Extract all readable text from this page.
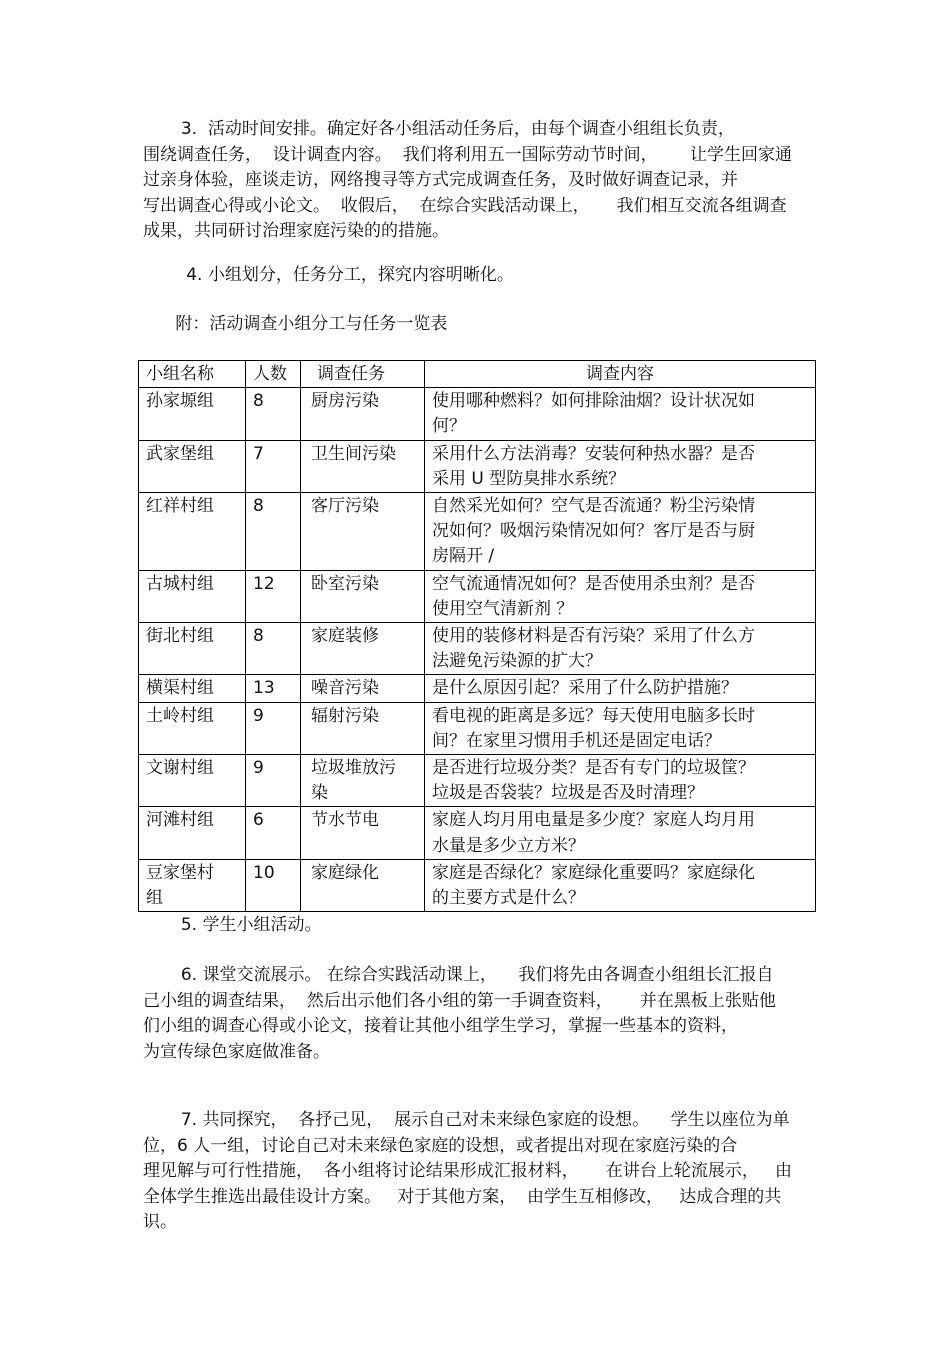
3.  活动时间安排。确定好各小组活动任务后，由每个调查小组组长负责，
围绕调查任务，  设计调查内容。  我们将利用五一国际劳动节时间，      让学生回家通
过亲身体验，座谈走访，网络搜寻等方式完成调查任务，及时做好调查记录，并
写出调查心得或小论文。  收假后，  在综合实践活动课上，     我们相互交流各组调查
成果，共同研讨治理家庭污染的的措施。
4. 小组划分，任务分工，探究内容明晰化。
附：活动调查小组分工与任务一览表
小组名称	人数	调查任务	调查内容

孙家塬组	8	厨房污染	使用哪种燃料？如何排除油烟？设计状况如
何？

武家堡组	7	卫生间污染	采用什么方法消毒？安装何种热水器？是否
采用 U 型防臭排水系统？

红祥村组	8	客厅污染	自然采光如何？空气是否流通？粉尘污染情
况如何？吸烟污染情况如何？客厅是否与厨
房隔开 /

古城村组	12	卧室污染	空气流通情况如何？是否使用杀虫剂？是否
使用空气清新剂 ？

街北村组	8	家庭装修	使用的装修材料是否有污染？采用了什么方
法避免污染源的扩大？

横渠村组	13	噪音污染	是什么原因引起？采用了什么防护措施？

土岭村组	9	辐射污染	看电视的距离是多远？每天使用电脑多长时
间？在家里习惯用手机还是固定电话？

文谢村组	9	垃圾堆放污
染	是否进行垃圾分类？是否有专门的垃圾筐？
垃圾是否袋装？垃圾是否及时清理？

河滩村组	6	节水节电	家庭人均月用电量是多少度？家庭人均月用
水量是多少立方米？

豆家堡村
组	10	家庭绿化	家庭是否绿化？家庭绿化重要吗？家庭绿化
的主要方式是什么？
5. 学生小组活动。
6. 课堂交流展示。 在综合实践活动课上，    我们将先由各调查小组组长汇报自
己小组的调查结果，  然后出示他们各小组的第一手调查资料，     并在黑板上张贴他
们小组的调查心得或小论文，接着让其他小组学生学习，掌握一些基本的资料，
为宣传绿色家庭做准备。
7. 共同探究，  各抒己见，  展示自己对未来绿色家庭的设想。    学生以座位为单
位，6 人一组，讨论自己对未来绿色家庭的设想，或者提出对现在家庭污染的合
理见解与可行性措施，  各小组将讨论结果形成汇报材料，     在讲台上轮流展示，   由
全体学生推选出最佳设计方案。   对于其他方案，  由学生互相修改，   达成合理的共
识。
